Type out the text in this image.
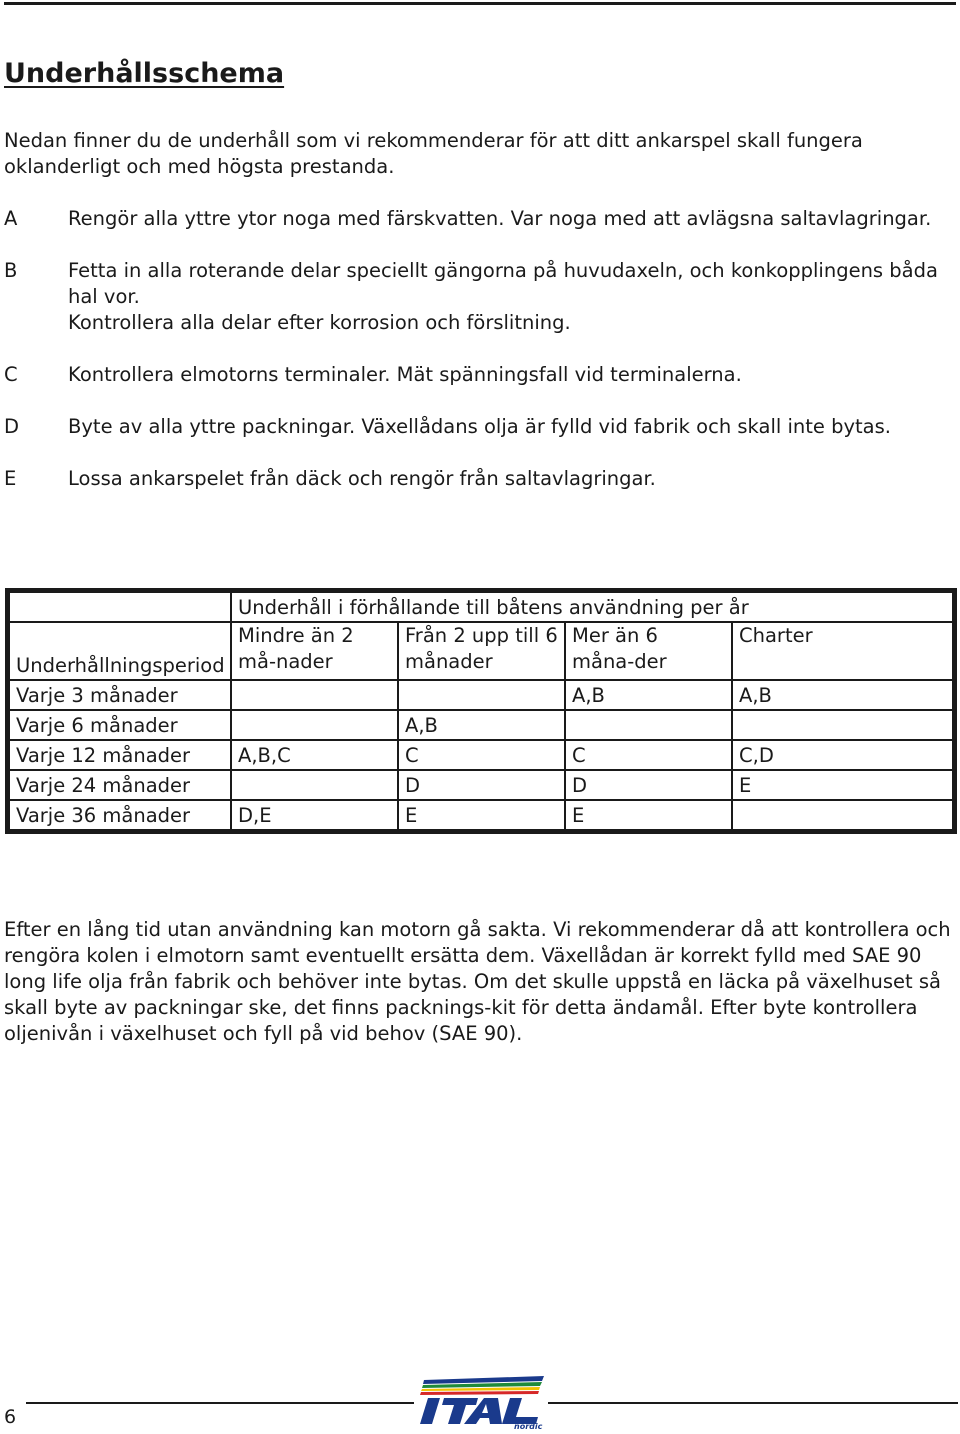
Underhållsschema

Nedan finner du de underhåll som vi rekommenderar för att ditt ankarspel skall fungera oklanderligt och med högsta prestanda.

A	Rengör alla yttre ytor noga med färskvatten. Var noga med att avlägsna saltavlagringar.

B	Fetta in alla roterande delar speciellt gängorna på huvudaxeln, och konkopplingens båda hal vor.

Kontrollera alla delar efter korrosion och förslitning.

C	Kontrollera elmotorns terminaler. Mät spänningsfall vid terminalerna.

D	Byte av alla yttre packningar. Växellådans olja är fylld vid fabrik och skall inte bytas.

E	Lossa ankarspelet från däck och rengör från saltavlagringar.

	Underhåll i förhållande till båtens användning per år			
Underhållningsperiod	Mindre än 2 må-nader	Från 2 upp till 6 månader	Mer än 6 måna-der	Charter
Varje 3 månader			A,B	A,B
Varje 6 månader		A,B		
Varje 12 månader	A,B,C	C	C	C,D
Varje 24 månader		D	D	E
Varje 36 månader	D,E	E	E	

Efter en lång tid utan användning kan motorn gå sakta. Vi rekommenderar då att kontrollera och rengöra kolen i elmotorn samt eventuellt ersätta dem. Växellådan är korrekt fylld med SAE 90 long life olja från fabrik och behöver inte bytas. Om det skulle uppstå en läcka på växelhuset så skall byte av packningar ske, det finns packnings-kit för detta ändamål. Efter byte kontrollera oljenivån i växelhuset och fyll på vid behov (SAE 90).

6	nordic
